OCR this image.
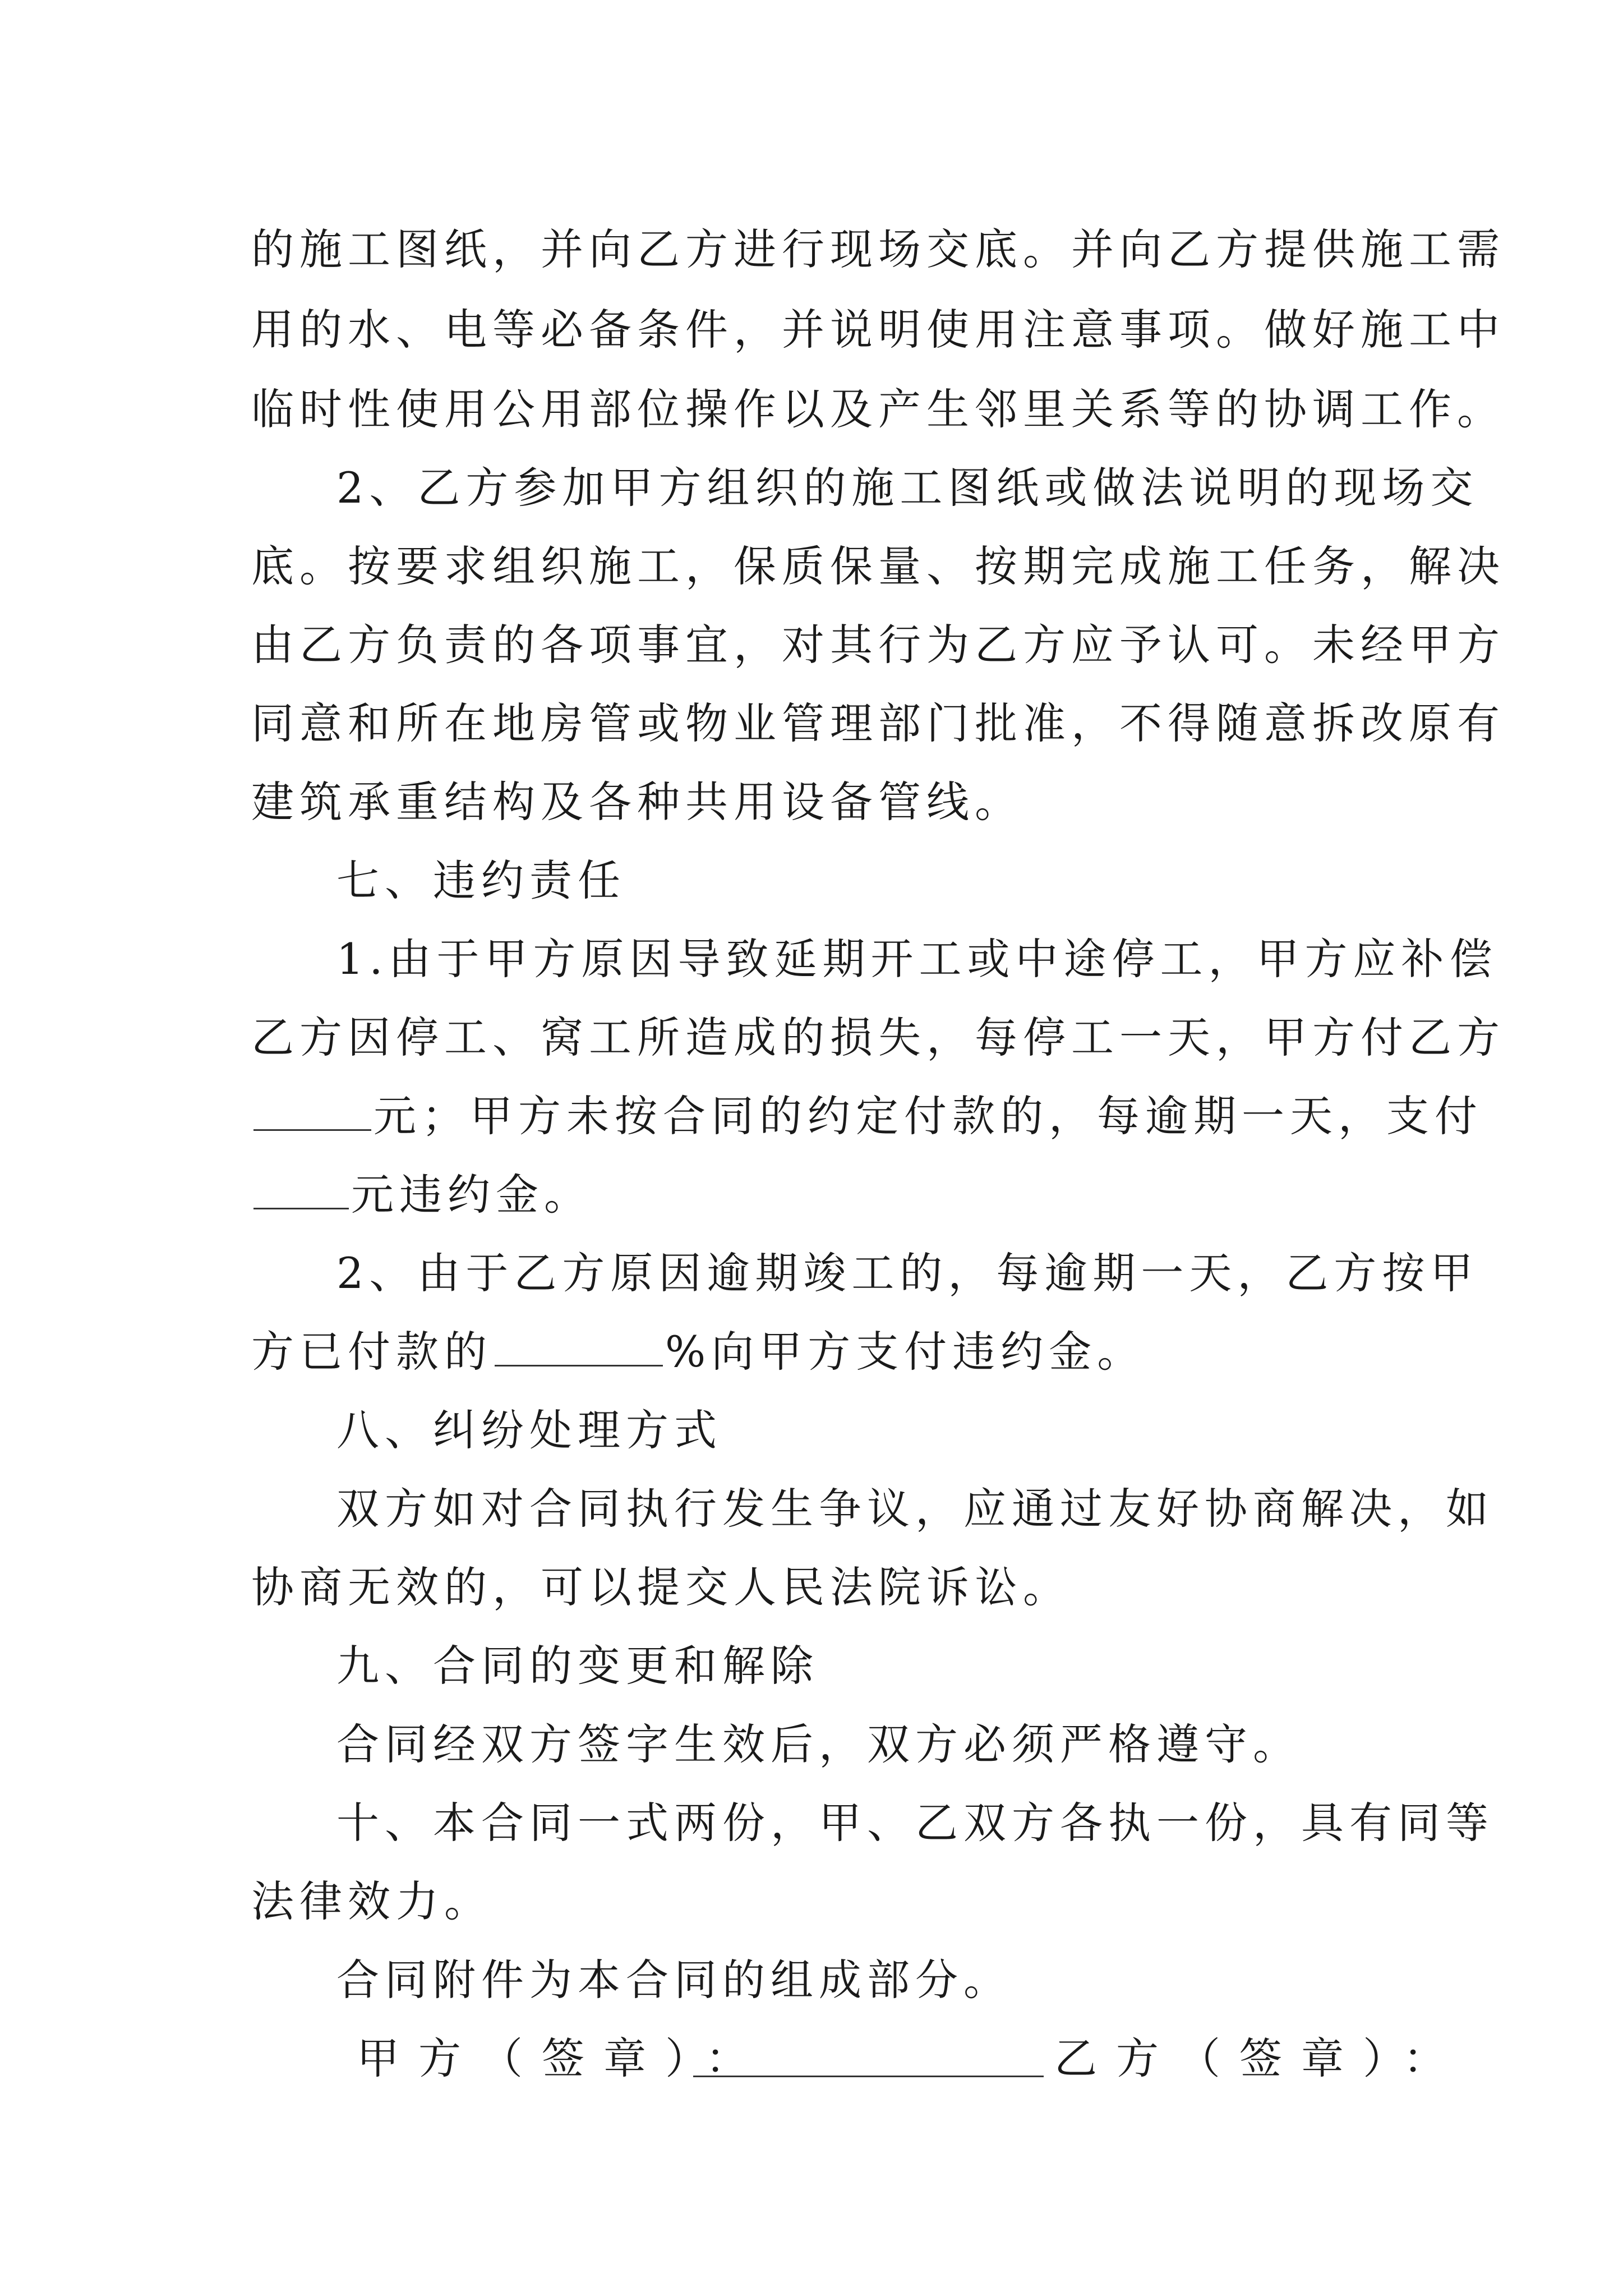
的施工图纸，并向乙方进行现场交底。并向乙方提供施工需
用的水、电等必备条件，并说明使用注意事项。做好施工中
临时性使用公用部位操作以及产生邻里关系等的协调工作。
2、乙方参加甲方组织的施工图纸或做法说明的现场交
底。按要求组织施工，保质保量、按期完成施工任务，解决
由乙方负责的各项事宜，对其行为乙方应予认可。未经甲方
同意和所在地房管或物业管理部门批准，不得随意拆改原有
建筑承重结构及各种共用设备管线。
七、违约责任
1.由于甲方原因导致延期开工或中途停工，甲方应补偿
乙方因停工、窝工所造成的损失，每停工一天，甲方付乙方
元；甲方未按合同的约定付款的，每逾期一天，支付
元违约金。
2、由于乙方原因逾期竣工的，每逾期一天，乙方按甲
方已付款的	%向甲方支付违约金。
八、纠纷处理方式
双方如对合同执行发生争议，应通过友好协商解决，如
协商无效的，可以提交人民法院诉讼。
九、合同的变更和解除
合同经双方签字生效后，双方必须严格遵守。
十、本合同一式两份，甲、乙双方各执一份，具有同等
法律效力。
合同附件为本合同的组成部分。
甲方（签章）：	乙方（签章）：
